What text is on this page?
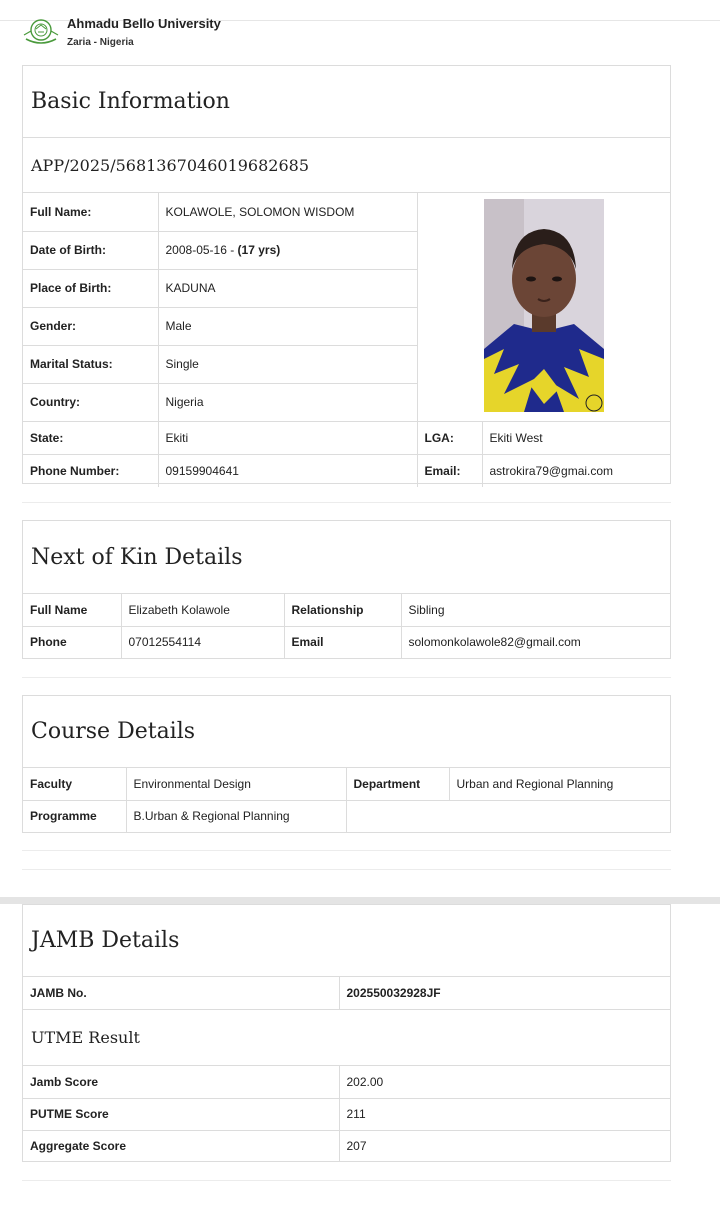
Ahmadu Bello University
Zaria - Nigeria
Basic Information
APP/2025/5681367046019682685
Full Name:	KOLAWOLE, SOLOMON WISDOM	
Date of Birth:	2008-05-16 - (17 yrs)		
Place of Birth:	KADUNA		
Gender:	Male		
Marital Status:	Single		
Country:	Nigeria		
State:	Ekiti	LGA:	Ekiti West
Phone Number:	09159904641	Email:	astrokira79@gmai.com
Next of Kin Details
Full Name	Elizabeth Kolawole	Relationship	Sibling
Phone	07012554114	Email	solomonkolawole82@gmail.com
Course Details
Faculty	Environmental Design	Department	Urban and Regional Planning
Programme	B.Urban & Regional Planning		
JAMB Details
JAMB No.	202550032928JF
UTME Result
Jamb Score	202.00
PUTME Score	211
Aggregate Score	207
